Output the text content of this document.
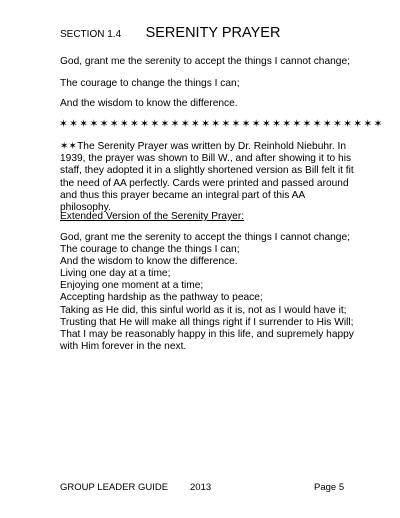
SECTION 1.4 SERENITY PRAYER

God, grant me the serenity to accept the things I cannot change;

The courage to change the things I can;

And the wisdom to know the difference.

✶✶✶✶✶✶✶✶✶✶✶✶✶✶✶✶✶✶✶✶✶✶✶✶✶✶✶✶✶✶✶✶

✶✶The Serenity Prayer was written by Dr. Reinhold Niebuhr. In 1939, the prayer was shown to Bill W., and after showing it to his staff, they adopted it in a slightly shortened version as Bill felt it fit the need of AA perfectly. Cards were printed and passed around and thus this prayer became an integral part of this AA philosophy.

Extended Version of the Serenity Prayer:

God, grant me the serenity to accept the things I cannot change;
The courage to change the things I can;
And the wisdom to know the difference.
Living one day at a time;
Enjoying one moment at a time;
Accepting hardship as the pathway to peace;
Taking as He did, this sinful world as it is, not as I would have it;
Trusting that He will make all things right if I surrender to His Will;
That I may be reasonably happy in this life, and supremely happy with Him forever in the next.
GROUP LEADER GUIDE 2013	Page 5
